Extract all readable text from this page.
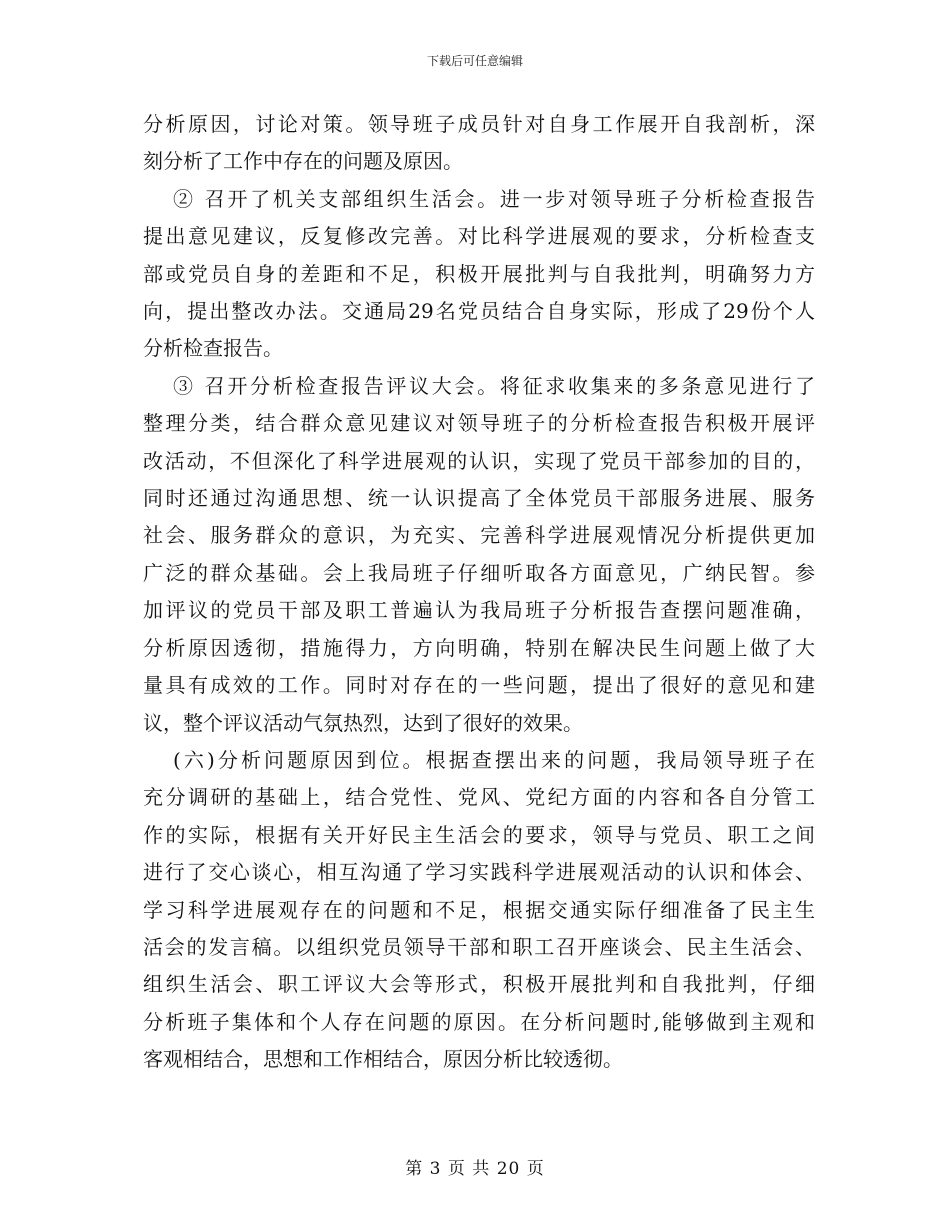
下载后可任意编辑
分析原因，讨论对策。领导班子成员针对自身工作展开自我剖析，深
刻分析了工作中存在的问题及原因。
② 召开了机关支部组织生活会。进一步对领导班子分析检查报告
提出意见建议，反复修改完善。对比科学进展观的要求，分析检查支
部或党员自身的差距和不足，积极开展批判与自我批判，明确努力方
向，提出整改办法。交通局29名党员结合自身实际，形成了29份个人
分析检查报告。
③ 召开分析检查报告评议大会。将征求收集来的多条意见进行了
整理分类，结合群众意见建议对领导班子的分析检查报告积极开展评
改活动，不但深化了科学进展观的认识，实现了党员干部参加的目的，
同时还通过沟通思想、统一认识提高了全体党员干部服务进展、服务
社会、服务群众的意识，为充实、完善科学进展观情况分析提供更加
广泛的群众基础。会上我局班子仔细听取各方面意见，广纳民智。参
加评议的党员干部及职工普遍认为我局班子分析报告查摆问题准确，
分析原因透彻，措施得力，方向明确，特别在解决民生问题上做了大
量具有成效的工作。同时对存在的一些问题，提出了很好的意见和建
议，整个评议活动气氛热烈，达到了很好的效果。
(六)分析问题原因到位。根据查摆出来的问题，我局领导班子在
充分调研的基础上，结合党性、党风、党纪方面的内容和各自分管工
作的实际，根据有关开好民主生活会的要求，领导与党员、职工之间
进行了交心谈心，相互沟通了学习实践科学进展观活动的认识和体会、
学习科学进展观存在的问题和不足，根据交通实际仔细准备了民主生
活会的发言稿。以组织党员领导干部和职工召开座谈会、民主生活会、
组织生活会、职工评议大会等形式，积极开展批判和自我批判，仔细
分析班子集体和个人存在问题的原因。在分析问题时,能够做到主观和
客观相结合，思想和工作相结合，原因分析比较透彻。
第 3 页 共 20 页
